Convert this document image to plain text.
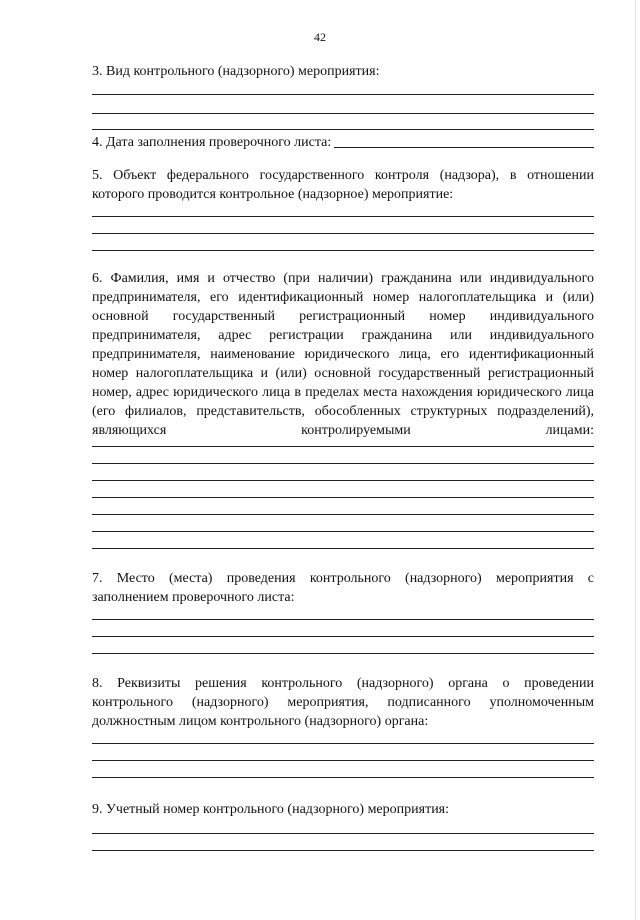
42

3. Вид контрольного (надзорного) мероприятия:

4. Дата заполнения проверочного листа:

5. Объект федерального государственного контроля (надзора), в отношении которого проводится контрольное (надзорное) мероприятие:

6. Фамилия, имя и отчество (при наличии) гражданина или индивидуального предпринимателя, его идентификационный номер налогоплательщика и (или) основной государственный регистрационный номер индивидуального предпринимателя, адрес регистрации гражданина или индивидуального предпринимателя, наименование юридического лица, его идентификационный номер налогоплательщика и (или) основной государственный регистрационный номер, адрес юридического лица в пределах места нахождения юридического лица (его филиалов, представительств, обособленных структурных подразделений), являющихся контролируемыми лицами:

7. Место (места) проведения контрольного (надзорного) мероприятия с заполнением проверочного листа:

8. Реквизиты решения контрольного (надзорного) органа о проведении контрольного (надзорного) мероприятия, подписанного уполномоченным должностным лицом контрольного (надзорного) органа:

9. Учетный номер контрольного (надзорного) мероприятия:
